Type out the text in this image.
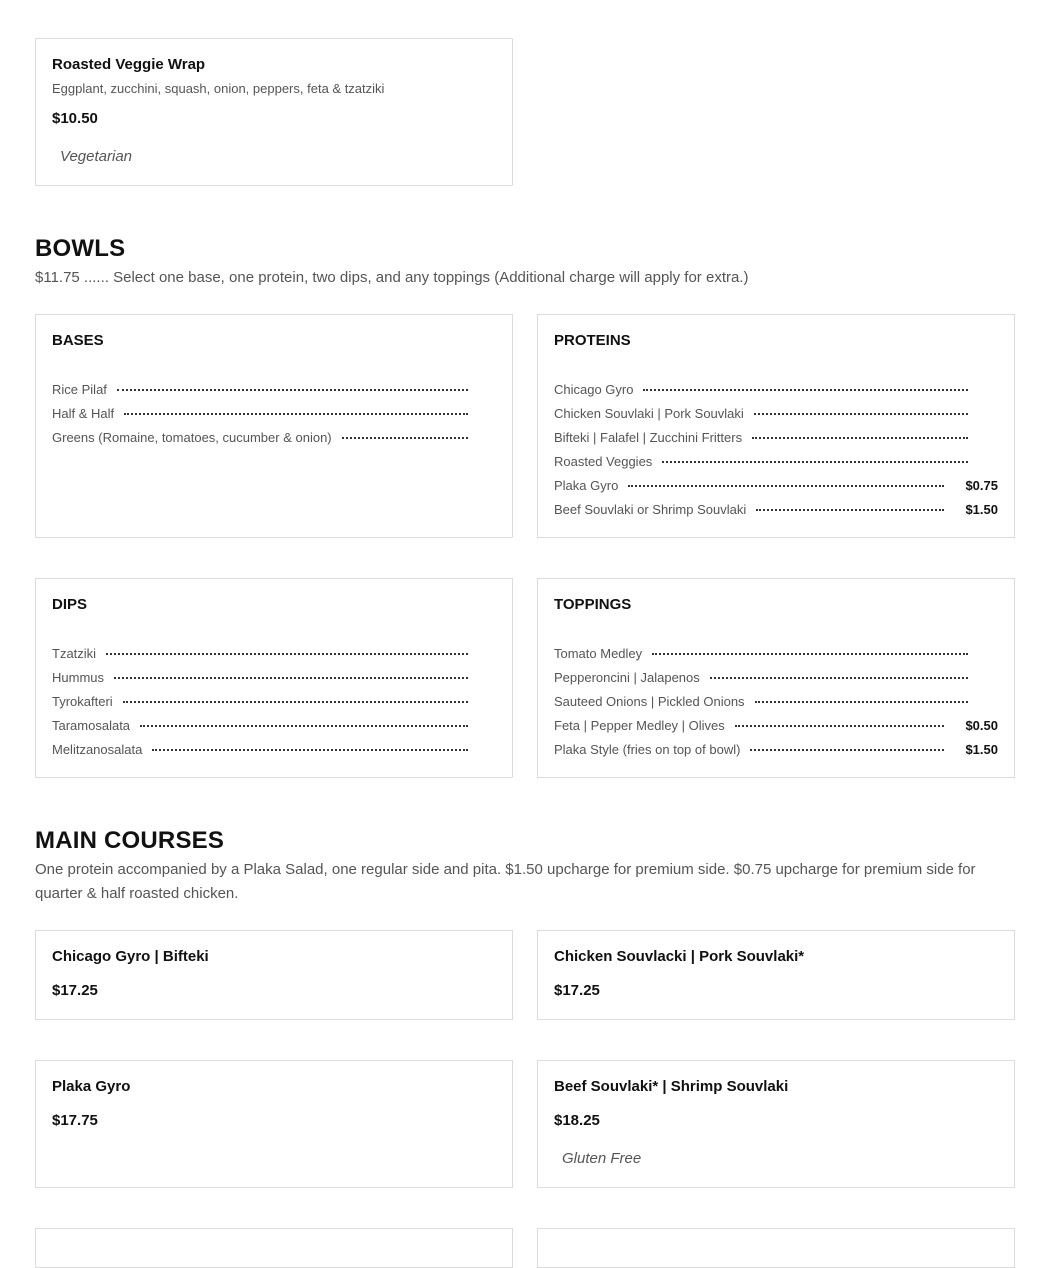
Roasted Veggie Wrap
Eggplant, zucchini, squash, onion, peppers, feta & tzatziki
$10.50
Vegetarian
BOWLS
$11.75 ...... Select one base, one protein, two dips, and any toppings (Additional charge will apply for extra.)
BASES
Rice Pilaf
Half & Half
Greens (Romaine, tomatoes, cucumber & onion)
PROTEINS
Chicago Gyro
Chicken Souvlaki | Pork Souvlaki
Bifteki | Falafel | Zucchini Fritters
Roasted Veggies
Plaka Gyro	$0.75
Beef Souvlaki or Shrimp Souvlaki	$1.50
DIPS
Tzatziki
Hummus
Tyrokafteri
Taramosalata
Melitzanosalata
TOPPINGS
Tomato Medley
Pepperoncini | Jalapenos
Sauteed Onions | Pickled Onions
Feta | Pepper Medley | Olives	$0.50
Plaka Style (fries on top of bowl)	$1.50
MAIN COURSES
One protein accompanied by a Plaka Salad, one regular side and pita. $1.50 upcharge for premium side. $0.75 upcharge for premium side for quarter & half roasted chicken.
Chicago Gyro | Bifteki
$17.25
Chicken Souvlacki | Pork Souvlaki*
$17.25
Plaka Gyro
$17.75
Beef Souvlaki* | Shrimp Souvlaki
$18.25
Gluten Free
